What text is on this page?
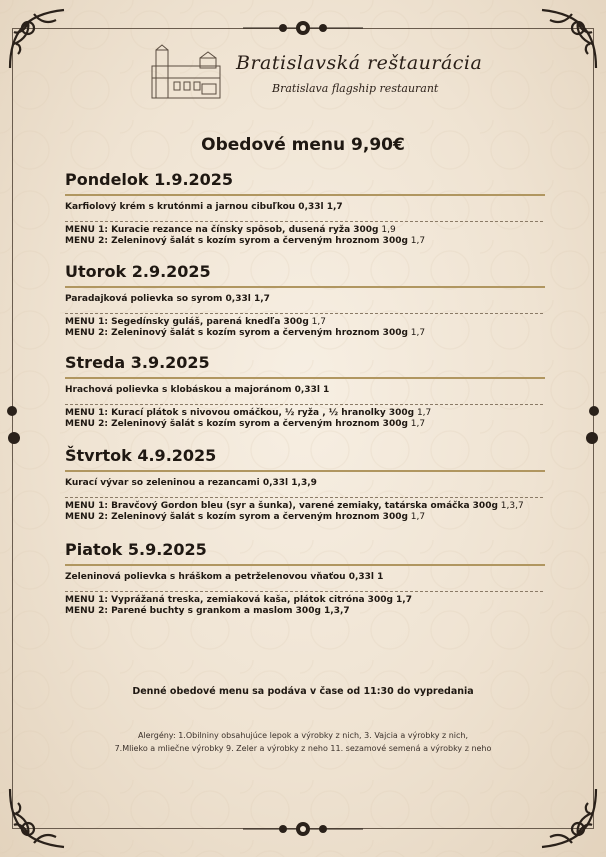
Bratislavská reštaurácia
Bratislava flagship restaurant
Obedové menu 9,90€
Pondelok 1.9.2025
Karfiolový krém s krutónmi a jarnou cibuľkou 0,33l 1,7
MENU 1: Kuracie rezance na čínsky spôsob, dusená ryža 300g 1,9
MENU 2: Zeleninový šalát s kozím syrom a červeným hroznom 300g 1,7
Utorok 2.9.2025
Paradajková polievka so syrom 0,33l 1,7
MENU 1: Segedínsky guláš, parená knedľa 300g 1,7
MENU 2: Zeleninový šalát s kozím syrom a červeným hroznom 300g 1,7
Streda 3.9.2025
Hrachová polievka s klobáskou a majoránom 0,33l 1
MENU 1: Kurací plátok s nivovou omáčkou, ½ ryža , ½ hranolky 300g 1,7
MENU 2: Zeleninový šalát s kozím syrom a červeným hroznom 300g 1,7
Štvrtok 4.9.2025
Kurací vývar so zeleninou a rezancami 0,33l 1,3,9
MENU 1: Bravčový Gordon bleu (syr a šunka), varené zemiaky, tatárska omáčka 300g 1,3,7
MENU 2: Zeleninový šalát s kozím syrom a červeným hroznom 300g 1,7
Piatok 5.9.2025
Zeleninová polievka s hráškom a petrželenovou vňaťou 0,33l 1
MENU 1: Vyprážaná treska, zemiaková kaša, plátok citróna 300g 1,7
MENU 2: Parené buchty s grankom a maslom 300g 1,3,7
Denné obedové menu sa podáva v čase od 11:30 do vypredania
Alergény: 1.Obilniny obsahujúce lepok a výrobky z nich, 3. Vajcia a výrobky z nich,
7.Mlieko a mliečne výrobky 9. Zeler a výrobky z neho 11. sezamové semená a výrobky z neho
